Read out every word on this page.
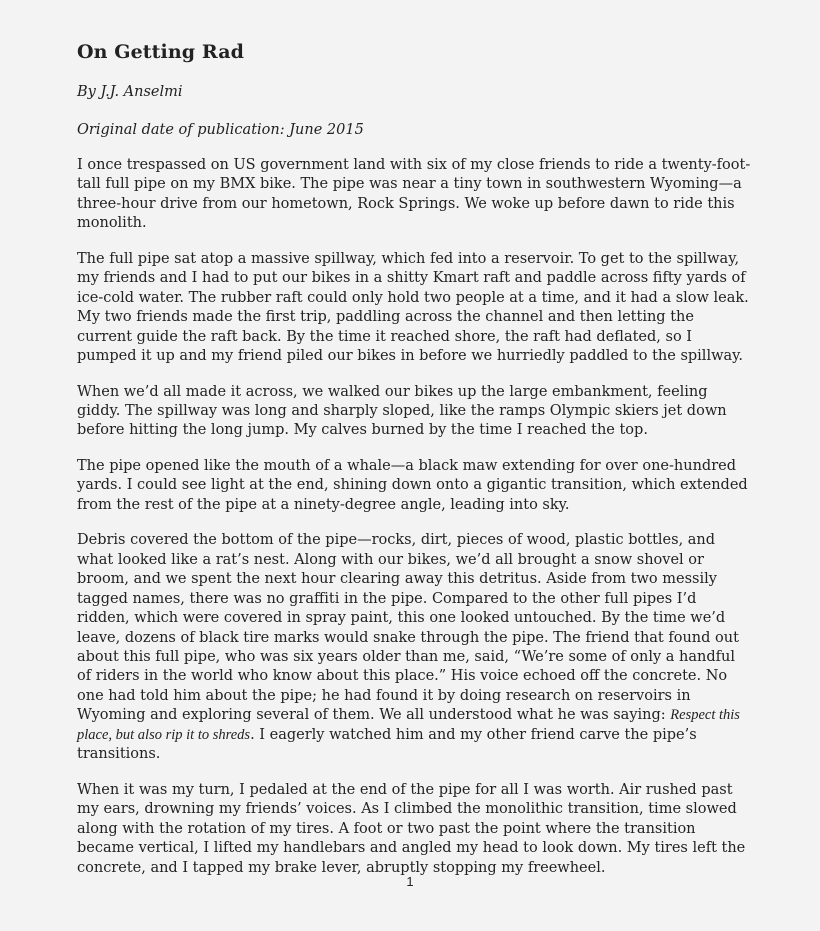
On Getting Rad
By J.J. Anselmi
Original date of publication: June 2015

I once trespassed on US government land with six of my close friends to ride a twenty-foot-tall full pipe on my BMX bike. The pipe was near a tiny town in southwestern Wyoming—a three-hour drive from our hometown, Rock Springs. We woke up before dawn to ride this monolith.

The full pipe sat atop a massive spillway, which fed into a reservoir. To get to the spillway, my friends and I had to put our bikes in a shitty Kmart raft and paddle across fifty yards of ice-cold water. The rubber raft could only hold two people at a time, and it had a slow leak. My two friends made the first trip, paddling across the channel and then letting the current guide the raft back. By the time it reached shore, the raft had deflated, so I pumped it up and my friend piled our bikes in before we hurriedly paddled to the spillway.

When we’d all made it across, we walked our bikes up the large embankment, feeling giddy. The spillway was long and sharply sloped, like the ramps Olympic skiers jet down before hitting the long jump. My calves burned by the time I reached the top.

The pipe opened like the mouth of a whale—a black maw extending for over one-hundred yards. I could see light at the end, shining down onto a gigantic transition, which extended from the rest of the pipe at a ninety-degree angle, leading into sky.

Debris covered the bottom of the pipe—rocks, dirt, pieces of wood, plastic bottles, and what looked like a rat’s nest. Along with our bikes, we’d all brought a snow shovel or broom, and we spent the next hour clearing away this detritus. Aside from two messily tagged names, there was no graffiti in the pipe. Compared to the other full pipes I’d ridden, which were covered in spray paint, this one looked untouched. By the time we’d leave, dozens of black tire marks would snake through the pipe. The friend that found out about this full pipe, who was six years older than me, said, “We’re some of only a handful of riders in the world who know about this place.” His voice echoed off the concrete. No one had told him about the pipe; he had found it by doing research on reservoirs in Wyoming and exploring several of them. We all understood what he was saying: Respect this place, but also rip it to shreds. I eagerly watched him and my other friend carve the pipe’s transitions.

When it was my turn, I pedaled at the end of the pipe for all I was worth. Air rushed past my ears, drowning my friends’ voices. As I climbed the monolithic transition, time slowed along with the rotation of my tires. A foot or two past the point where the transition became vertical, I lifted my handlebars and angled my head to look down. My tires left the concrete, and I tapped my brake lever, abruptly stopping my freewheel.

1
